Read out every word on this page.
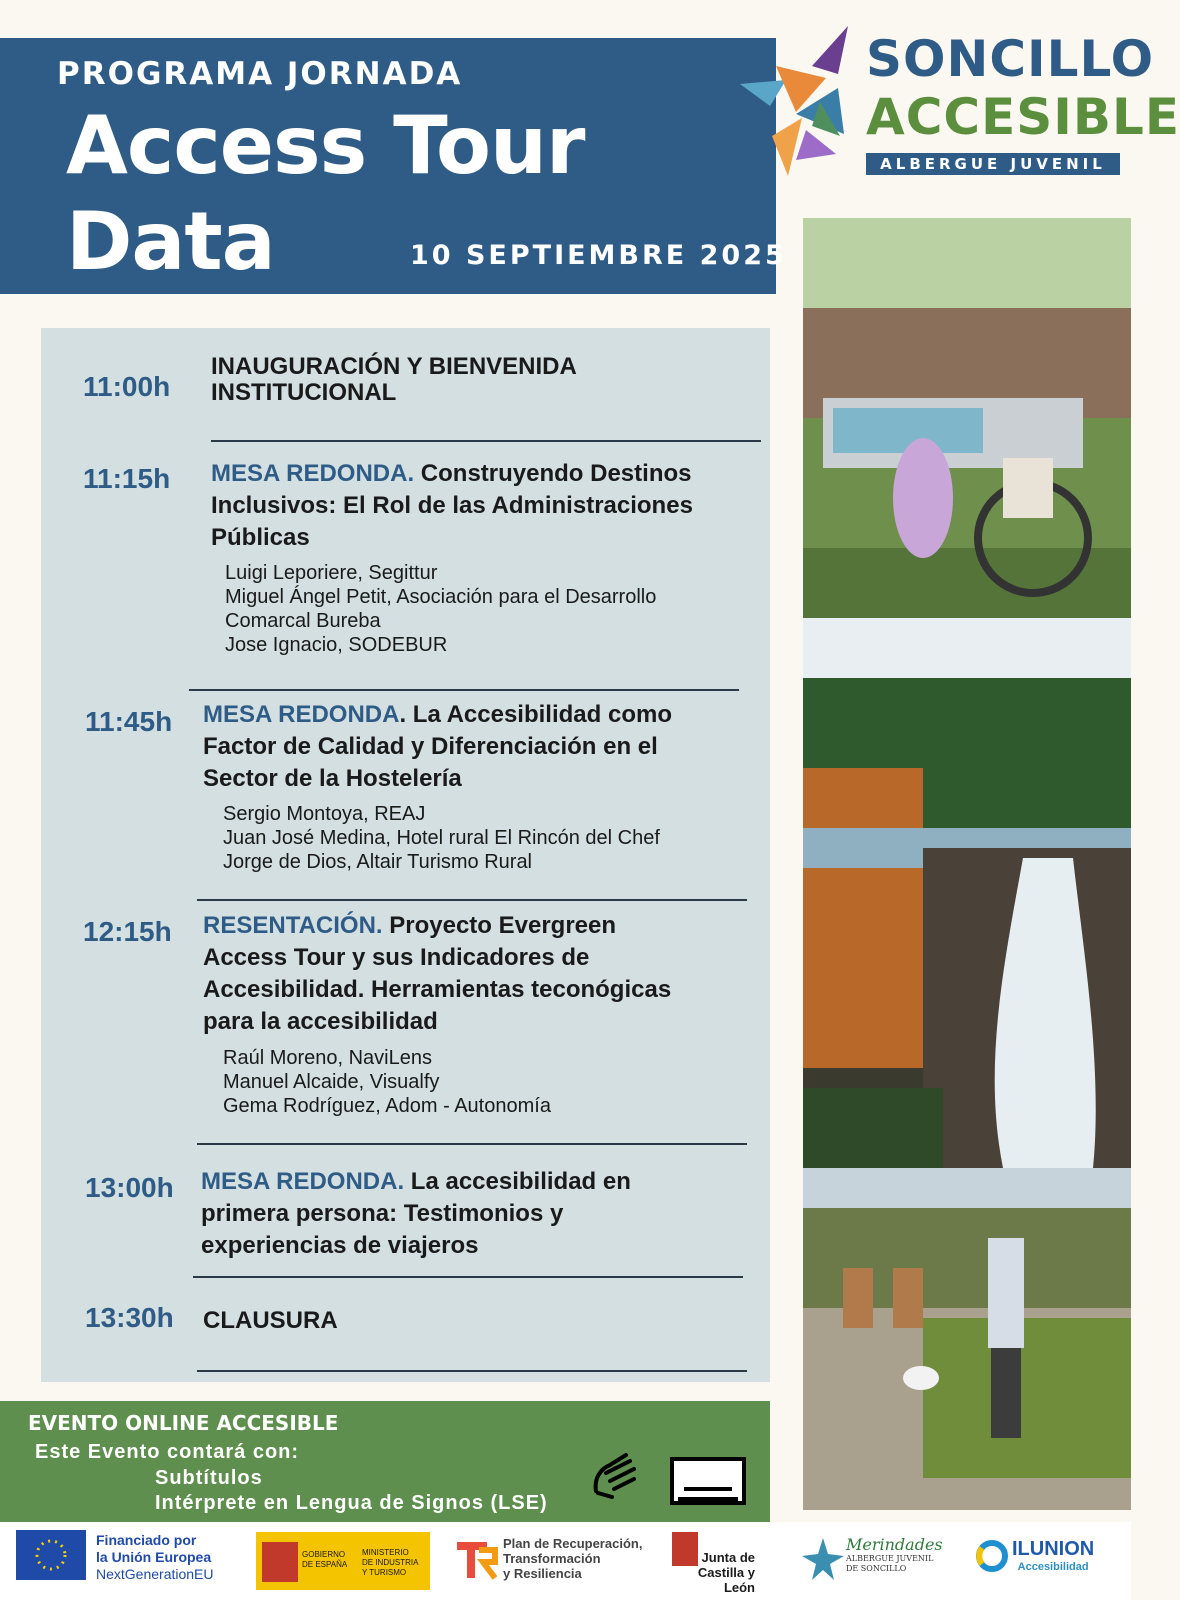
PROGRAMA JORNADA
Access Tour
Data	10 SEPTIEMBRE 2025
SONCILLO
ACCESIBLE
ALBERGUE JUVENIL
11:00h
INAUGURACIÓN Y BIENVENIDA
INSTITUCIONAL
11:15h MESA REDONDA. Construyendo Destinos
Inclusivos: El Rol de las Administraciones
Públicas
Luigi Leporiere, Segittur
Miguel Ángel Petit, Asociación para el Desarrollo
Comarcal Bureba
Jose Ignacio, SODEBUR
11:45h MESA REDONDA. La Accesibilidad como
Factor de Calidad y Diferenciación en el
Sector de la Hostelería
Sergio Montoya, REAJ
Juan José Medina, Hotel rural El Rincón del Chef
Jorge de Dios, Altair Turismo Rural
12:15h RESENTACIÓN. Proyecto Evergreen
Access Tour y sus Indicadores de
Accesibilidad. Herramientas teconógicas
para la accesibilidad
Raúl Moreno, NaviLens
Manuel Alcaide, Visualfy
Gema Rodríguez, Adom - Autonomía
13:00h MESA REDONDA. La accesibilidad en
primera persona: Testimonios y
experiencias de viajeros
13:30h CLAUSURA
EVENTO ONLINE ACCESIBLE
Este Evento contará con:
Subtítulos
Intérprete en Lengua de Signos (LSE)
Financiado por
la Unión Europea
NextGenerationEU
GOBIERNO
DE ESPAÑA
MINISTERIO
DE INDUSTRIA
Y TURISMO
Plan de Recuperación,
Transformación
y Resiliencia
Junta de
Castilla y León
Merindades
ALBERGUE JUVENIL
DE SONCILLO
ILUNION
Accesibilidad
